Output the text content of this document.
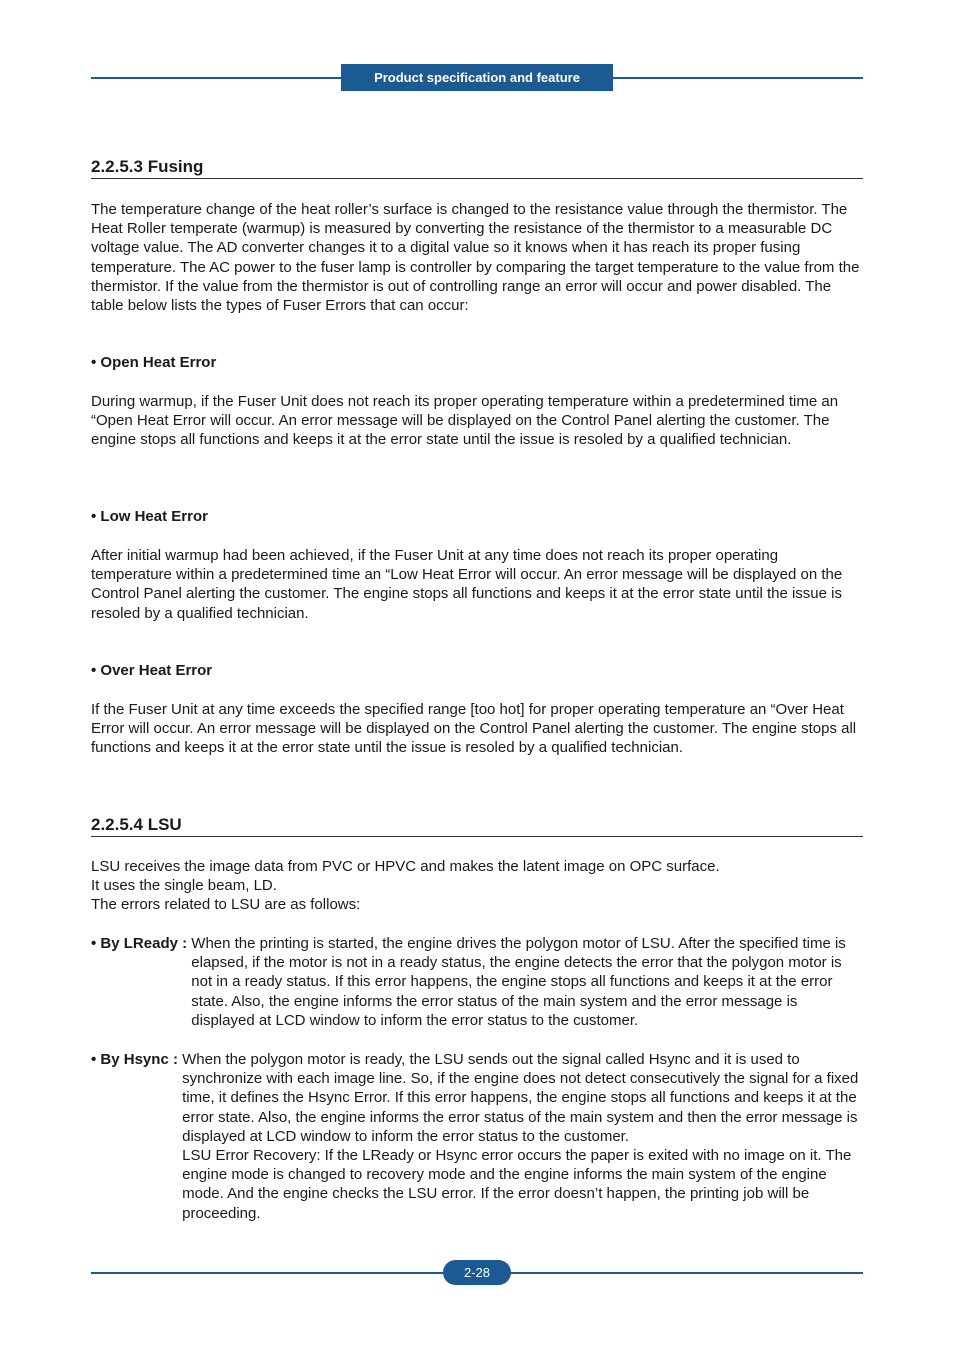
Product specification and feature
2.2.5.3 Fusing

The temperature change of the heat roller’s surface is changed to the resistance value through the thermistor. The Heat Roller temperate (warmup) is measured by converting the resistance of the thermistor to a measurable DC voltage value. The AD converter changes it to a digital value so it knows when it has reach its proper fusing temperature. The AC power to the fuser lamp is controller by comparing the target temperature to the value from the thermistor. If the value from the thermistor is out of controlling range an error will occur and power disabled. The table below lists the types of Fuser Errors that can occur:

• Open Heat Error

During warmup, if the Fuser Unit does not reach its proper operating temperature within a predetermined time an “Open Heat Error will occur. An error message will be displayed on the Control Panel alerting the customer. The engine stops all functions and keeps it at the error state until the issue is resoled by a qualified technician.

• Low Heat Error

After initial warmup had been achieved, if the Fuser Unit at any time does not reach its proper operating temperature within a predetermined time an “Low Heat Error will occur. An error message will be displayed on the Control Panel alerting the customer. The engine stops all functions and keeps it at the error state until the issue is resoled by a qualified technician.

• Over Heat Error

If the Fuser Unit at any time exceeds the specified range [too hot] for proper operating temperature an “Over Heat Error will occur. An error message will be displayed on the Control Panel alerting the customer. The engine stops all functions and keeps it at the error state until the issue is resoled by a qualified technician.

2.2.5.4 LSU

LSU receives the image data from PVC or HPVC and makes the latent image on OPC surface.

It uses the single beam, LD.

The errors related to LSU are as follows:

• By LReady : When the printing is started, the engine drives the polygon motor of LSU. After the specified time is elapsed, if the motor is not in a ready status, the engine detects the error that the polygon motor is not in a ready status. If this error happens, the engine stops all functions and keeps it at the error state. Also, the engine informs the error status of the main system and the error message is displayed at LCD window to inform the error status to the customer.
• By Hsync : When the polygon motor is ready, the LSU sends out the signal called Hsync and it is used to synchronize with each image line. So, if the engine does not detect consecutively the signal for a fixed time, it defines the Hsync Error. If this error happens, the engine stops all functions and keeps it at the error state. Also, the engine informs the error status of the main system and then the error message is displayed at LCD window to inform the error status to the customer.
LSU Error Recovery: If the LReady or Hsync error occurs the paper is exited with no image on it. The engine mode is changed to recovery mode and the engine informs the main system of the engine mode. And the engine checks the LSU error. If the error doesn’t happen, the printing job will be proceeding.
2-28
